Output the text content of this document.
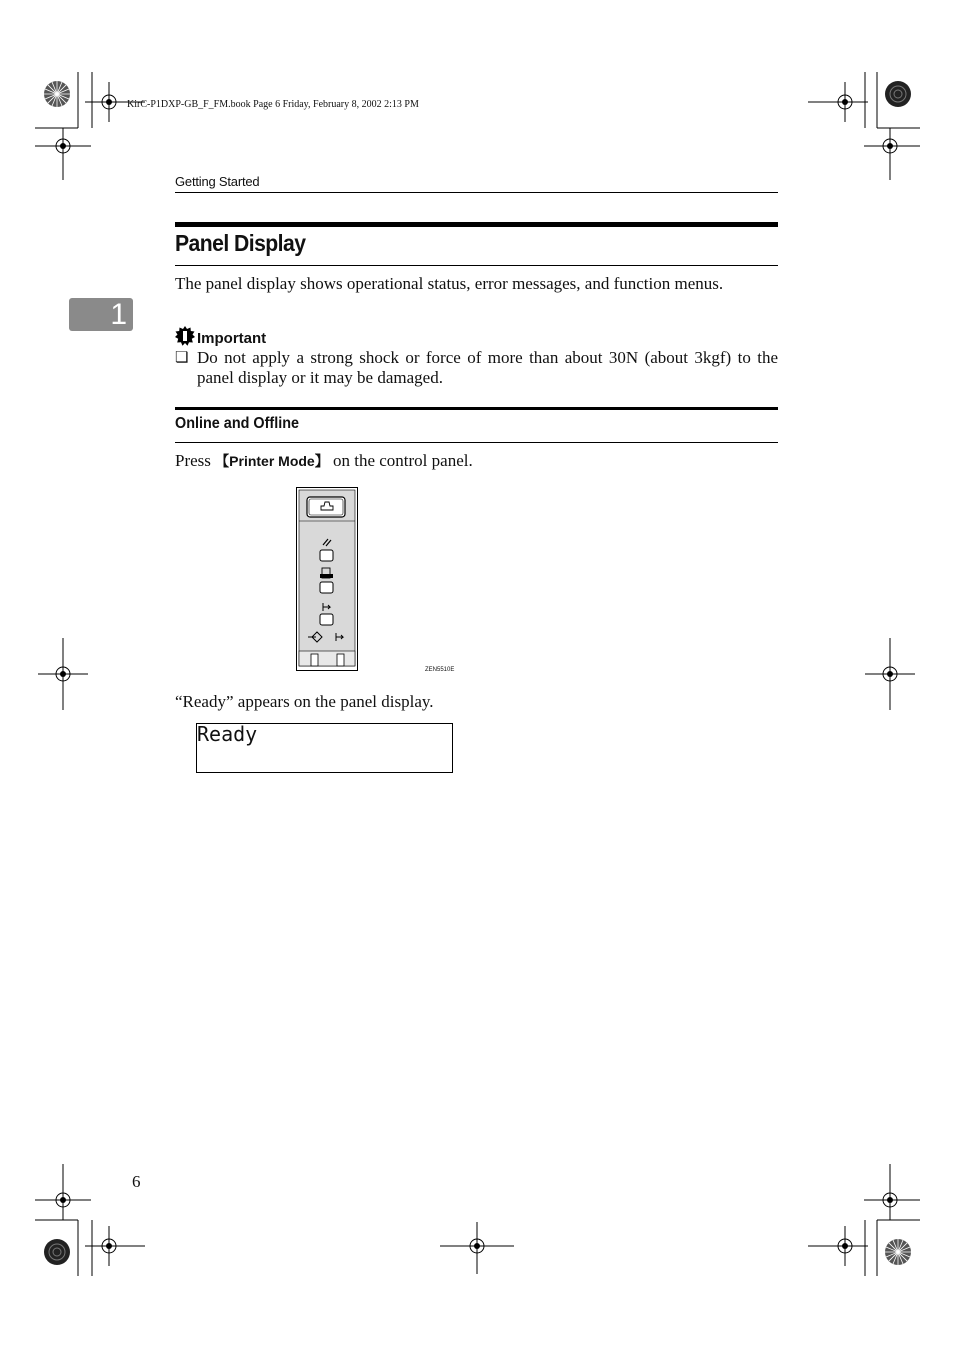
KirC-P1DXP-GB_F_FM.book Page 6 Friday, February 8, 2002 2:13 PM
Getting Started
1
Panel Display
The panel display shows operational status, error messages, and function menus.
Important
❏ Do not apply a strong shock or force of more than about 30N (about 3kgf) to the panel display or it may be damaged.
Online and Offline
Press 【Printer Mode】 on the control panel.
ZEN5510E
“Ready” appears on the panel display.
Ready
6
